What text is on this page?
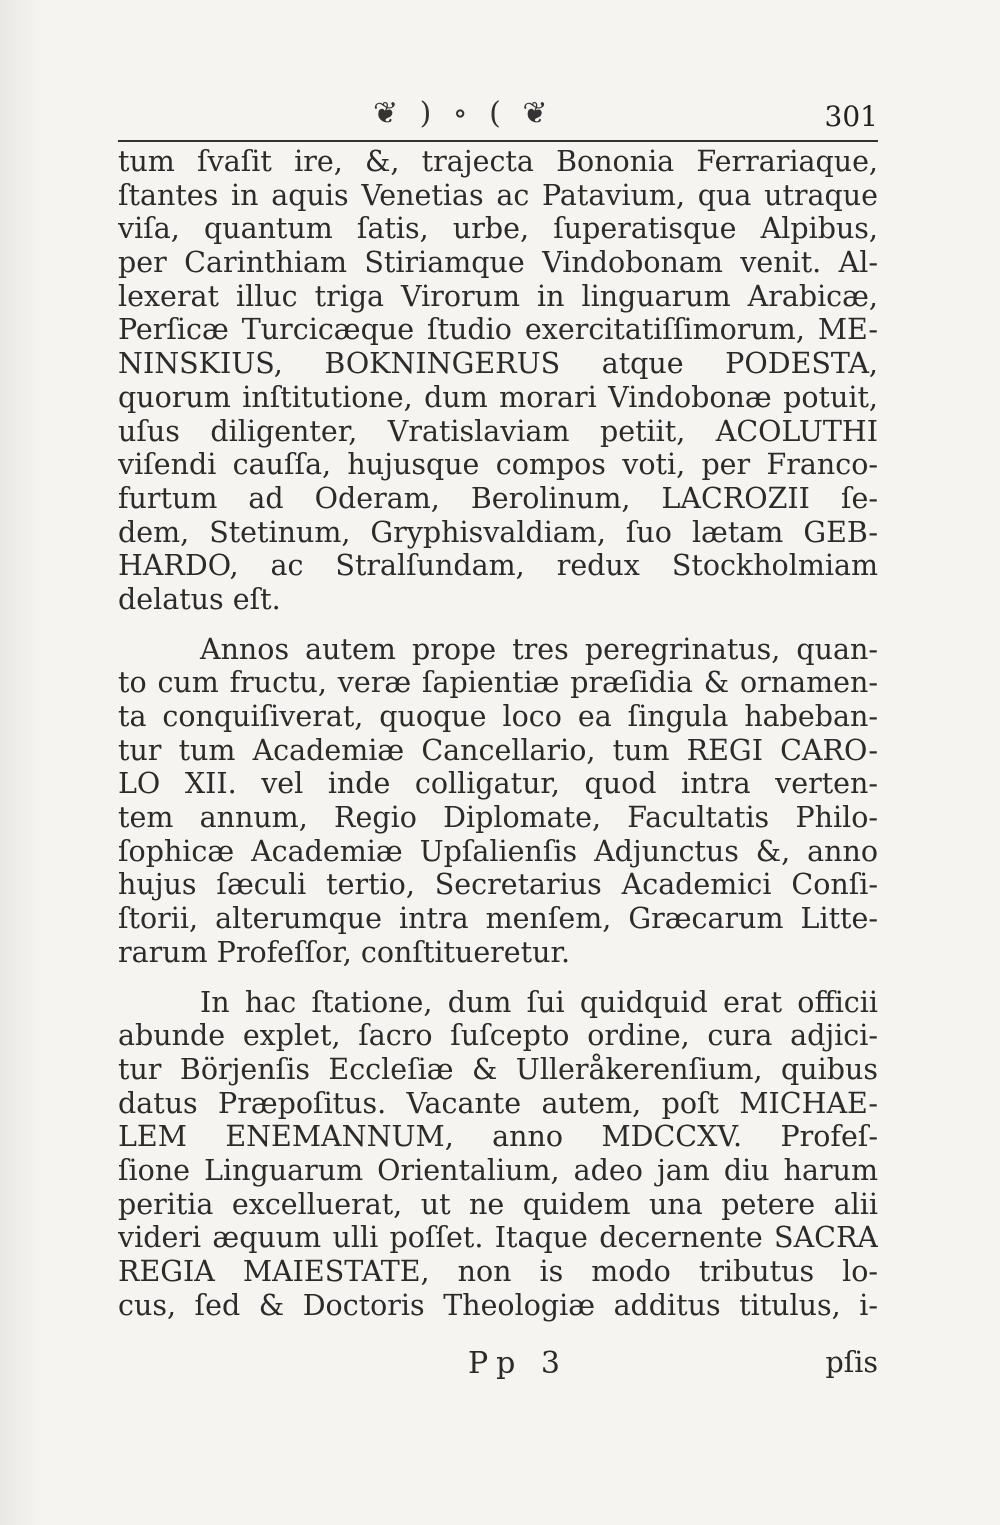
❦ ) ∘ ( ❦	301
tum ſvaſit ire, &, trajecta Bononia Ferrariaque,
ſtantes in aquis Venetias ac Patavium, qua utraque
viſa, quantum ſatis, urbe, ſuperatisque Alpibus,
per Carinthiam Stiriamque Vindobonam venit. Al-
lexerat illuc triga Virorum in linguarum Arabicæ,
Perſicæ Turcicæque ſtudio exercitatiſſimorum, ME-
NINSKIUS, BOKNINGERUS atque PODESTA,
quorum inſtitutione, dum morari Vindobonæ potuit,
uſus diligenter, Vratislaviam petiit, ACOLUTHI
viſendi cauſſa, hujusque compos voti, per Franco-
furtum ad Oderam, Berolinum, LACROZII ſe-
dem, Stetinum, Gryphisvaldiam, ſuo lætam GEB-
HARDO, ac Stralſundam, redux Stockholmiam
delatus eſt.
Annos autem prope tres peregrinatus, quan-
to cum fructu, veræ ſapientiæ præſidia & ornamen-
ta conquiſiverat, quoque loco ea ſingula habeban-
tur tum Academiæ Cancellario, tum REGI CARO-
LO XII. vel inde colligatur, quod intra verten-
tem annum, Regio Diplomate, Facultatis Philo-
ſophicæ Academiæ Upſalienſis Adjunctus &, anno
hujus ſæculi tertio, Secretarius Academici Conſi-
ſtorii, alterumque intra menſem, Græcarum Litte-
rarum Profeſſor, conſtitueretur.
In hac ſtatione, dum ſui quidquid erat officii
abunde explet, ſacro ſuſcepto ordine, cura adjici-
tur Börjenſis Eccleſiæ & Ulleråkerenſium, quibus
datus Præpoſitus. Vacante autem, poſt MICHAE-
LEM ENEMANNUM, anno MDCCXV. Profeſ-
ſione Linguarum Orientalium, adeo jam diu harum
peritia excelluerat, ut ne quidem una petere alii
videri æquum ulli poſſet. Itaque decernente SACRA
REGIA MAIESTATE, non is modo tributus lo-
cus, ſed & Doctoris Theologiæ additus titulus, i-
Pp 3	pſis
